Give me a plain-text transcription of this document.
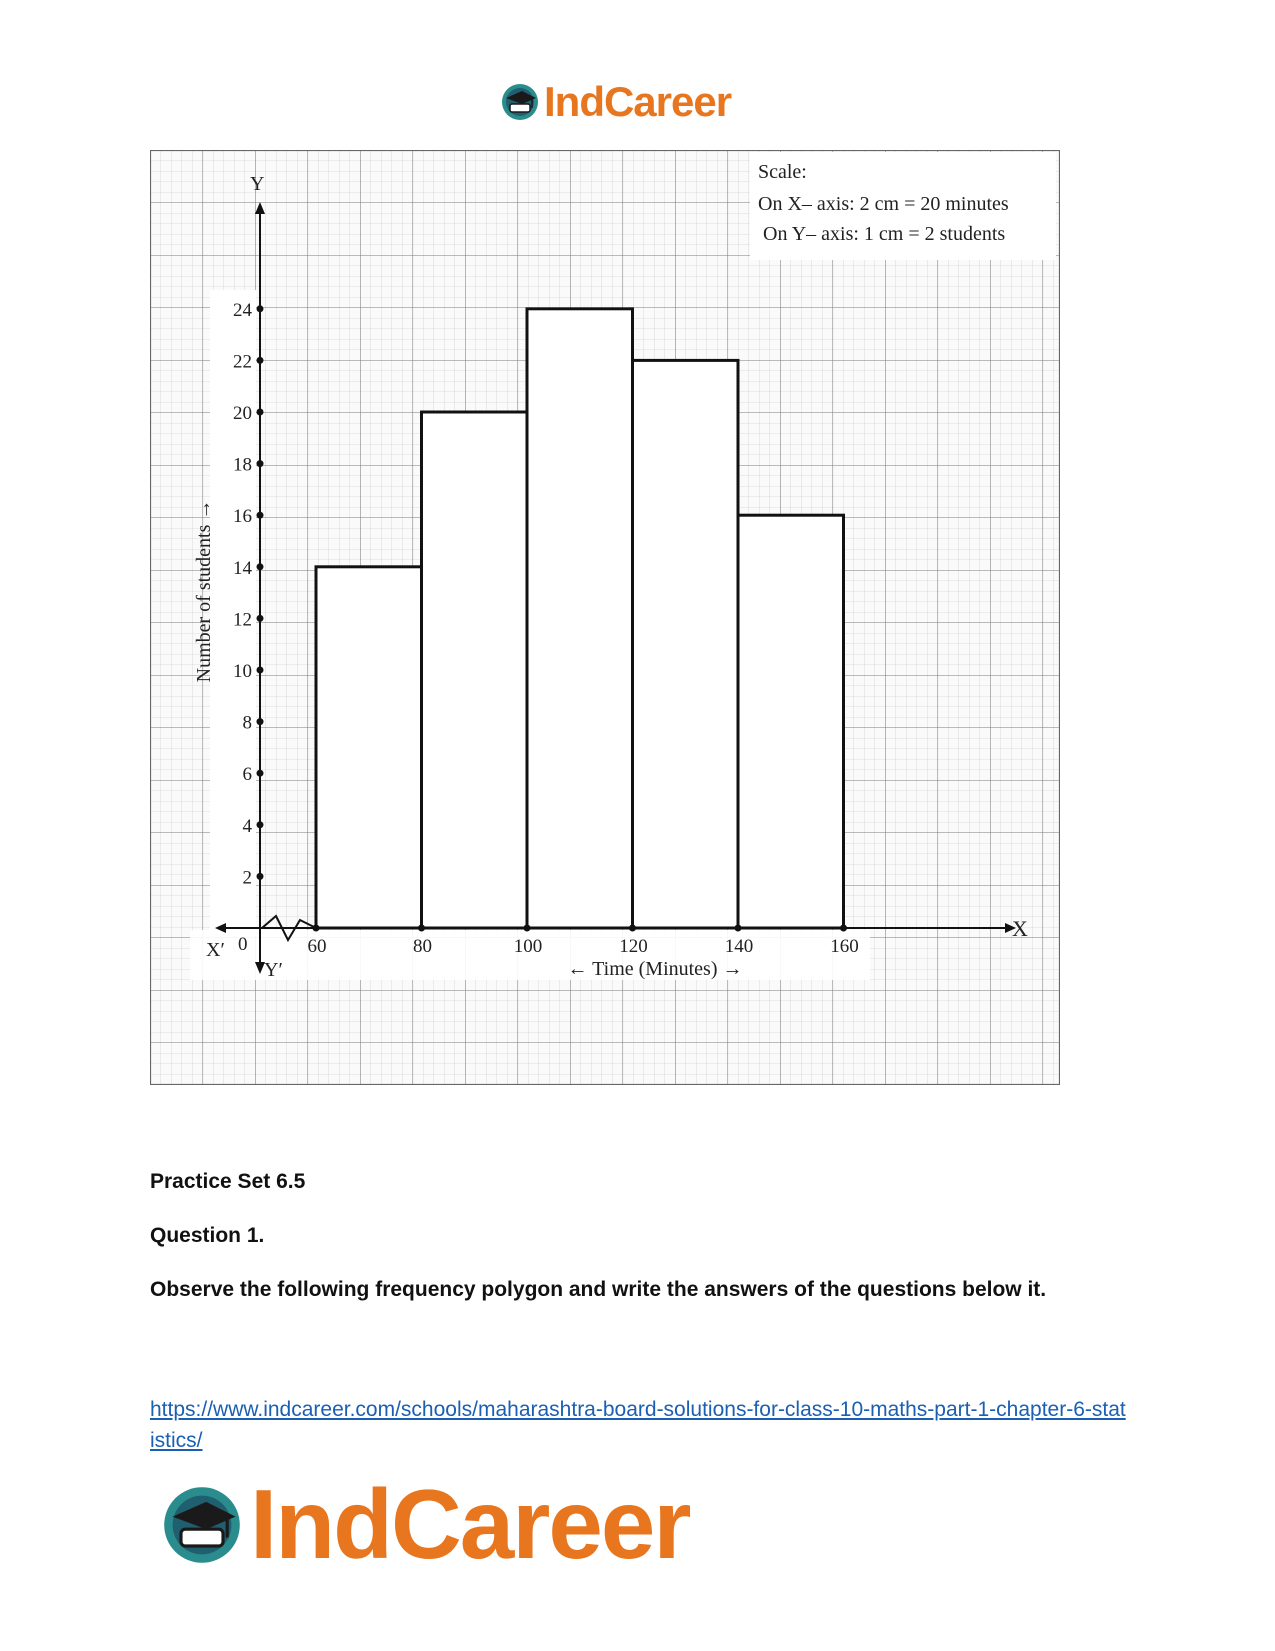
IndCareer
Scale:
On X– axis: 2 cm = 20 minutes
On Y– axis: 1 cm = 2 students
2
4
6
8
10
12
14
16
18
20
22
24
60	80	100	120	140	160
Number of students →
← Time (Minutes) →
X
X′
Y
Y′
0
Practice Set 6.5
Question 1.
Observe the following frequency polygon and write the answers of the questions below it.
https://www.indcareer.com/schools/maharashtra-board-solutions-for-class-10-maths-part-1-chapter-6-statistics/
IndCareer
